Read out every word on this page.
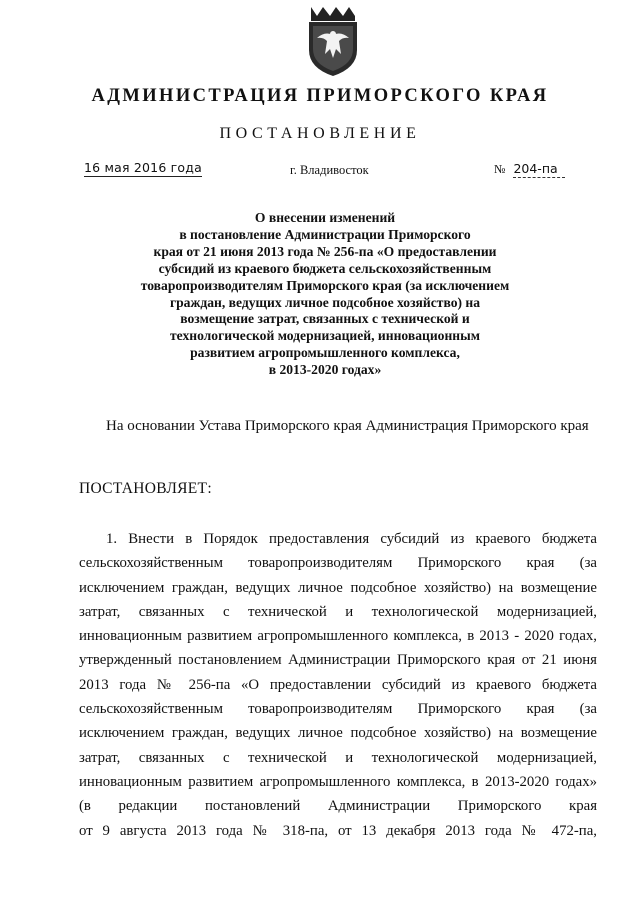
АДМИНИСТРАЦИЯ ПРИМОРСКОГО КРАЯ
ПОСТАНОВЛЕНИЕ
16 мая 2016 года	г. Владивосток	№ 204-па
О внесении изменений
в постановление Администрации Приморского
края от 21 июня 2013 года № 256-па «О предоставлении
субсидий из краевого бюджета сельскохозяйственным
товаропроизводителям Приморского края (за исключением
граждан, ведущих личное подсобное хозяйство) на
возмещение затрат, связанных с технической и
технологической модернизацией, инновационным
развитием агропромышленного комплекса,
в 2013-2020 годах»
На основании Устава Приморского края Администрация Приморского края
ПОСТАНОВЛЯЕТ:
1. Внести в Порядок предоставления субсидий из краевого бюджета
сельскохозяйственным товаропроизводителям Приморского края (за
исключением граждан, ведущих личное подсобное хозяйство) на возмещение
затрат, связанных с технической и технологической модернизацией,
инновационным развитием агропромышленного комплекса, в 2013 - 2020 годах,
утвержденный постановлением Администрации Приморского края от 21 июня
2013 года № 256-па «О предоставлении субсидий из краевого бюджета
сельскохозяйственным товаропроизводителям Приморского края (за
исключением граждан, ведущих личное подсобное хозяйство) на возмещение
затрат, связанных с технической и технологической модернизацией,
инновационным развитием агропромышленного комплекса, в 2013-2020 годах»
(в редакции постановлений Администрации Приморского края
от 9 августа 2013 года № 318-па, от 13 декабря 2013 года № 472-па,
